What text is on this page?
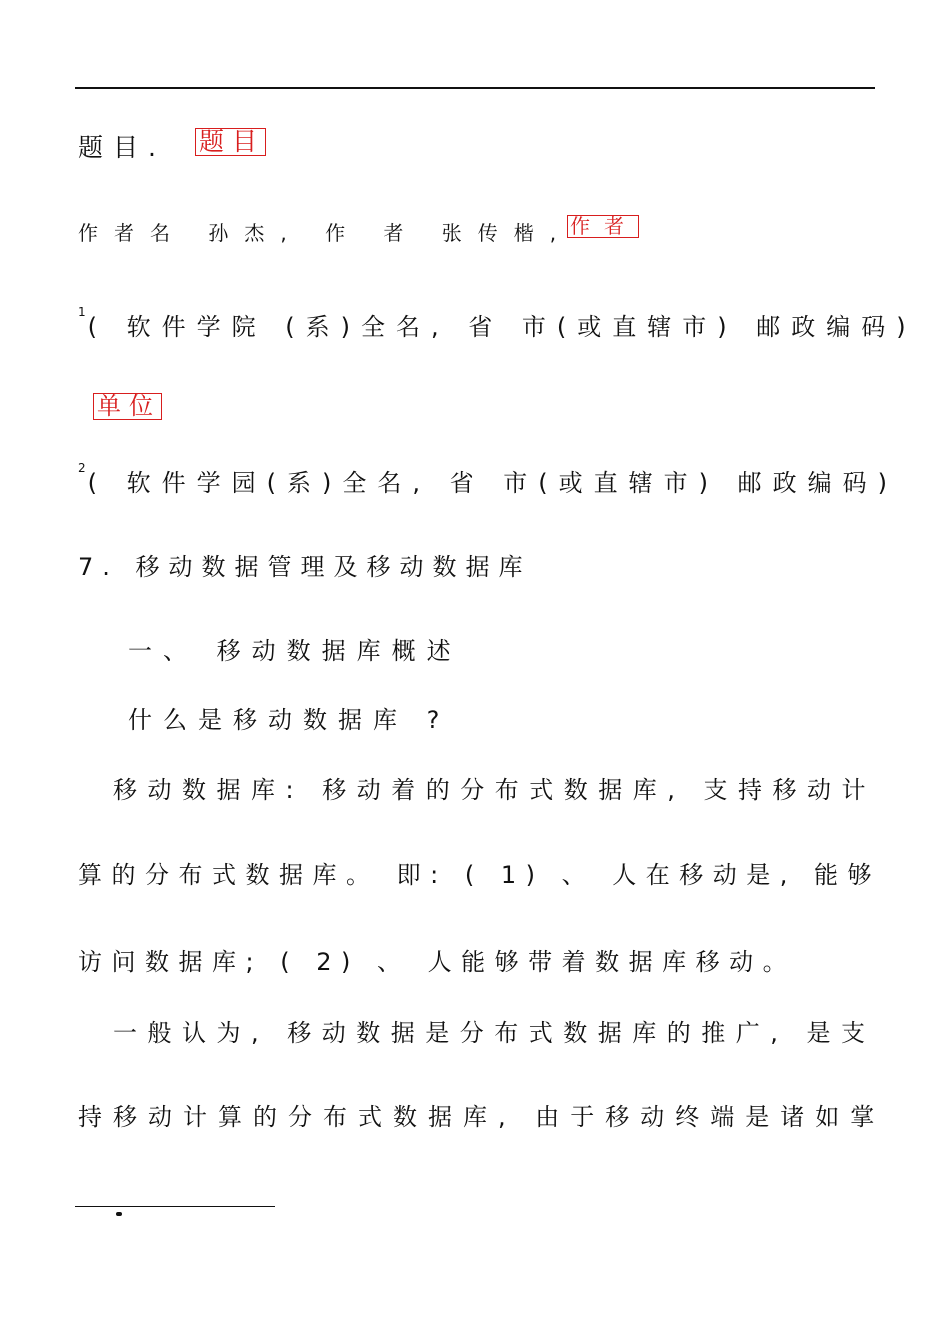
题目. 题目
作者名 孙杰, 作 者 张传楷,
作者
$^1$( 软件学院 (系)全名, 省 市(或直辖市) 邮政编码)
单位
$^2$( 软件学园(系)全名, 省 市(或直辖市) 邮政编码)
7. 移动数据管理及移动数据库
一、 移动数据库概述
什么是移动数据库 ?
移动数据库: 移动着的分布式数据库, 支持移动计
算的分布式数据库。 即: ( 1) 、 人在移动是, 能够
访问数据库; ( 2) 、 人能够带着数据库移动。
一般认为, 移动数据是分布式数据库的推广, 是支
持移动计算的分布式数据库, 由于移动终端是诸如掌
